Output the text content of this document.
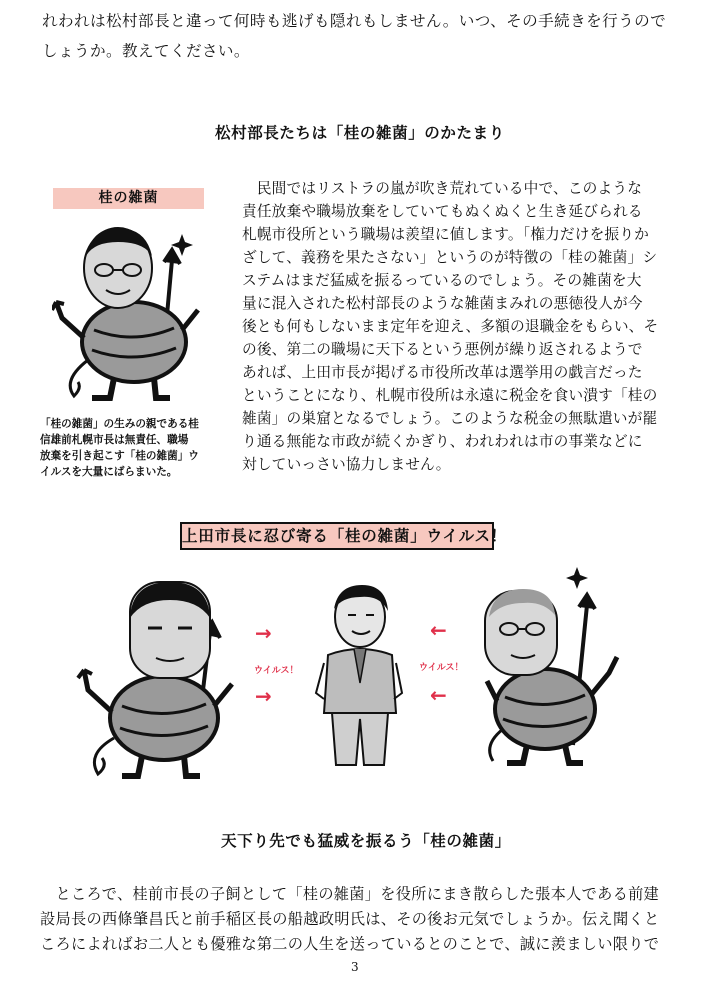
れわれは松村部長と違って何時も逃げも隠れもしません。いつ、その手続きを行うので
しょうか。教えてください。
松村部長たちは「桂の雑菌」のかたまり
桂の雑菌
「桂の雑菌」の生みの親である桂
信雄前札幌市長は無責任、職場
放棄を引き起こす「桂の雑菌」ウ
イルスを大量にばらまいた。
　民間ではリストラの嵐が吹き荒れている中で、このような
責任放棄や職場放棄をしていてもぬくぬくと生き延びられる
札幌市役所という職場は羨望に値します。「権力だけを振りか
ざして、義務を果たさない」というのが特徴の「桂の雑菌」シ
ステムはまだ猛威を振るっているのでしょう。その雑菌を大
量に混入された松村部長のような雑菌まみれの悪徳役人が今
後とも何もしないまま定年を迎え、多額の退職金をもらい、そ
の後、第二の職場に天下るという悪例が繰り返されるようで
あれば、上田市長が掲げる市役所改革は選挙用の戯言だった
ということになり、札幌市役所は永遠に税金を食い潰す「桂の
雑菌」の巣窟となるでしょう。このような税金の無駄遣いが罷
り通る無能な市政が続くかぎり、われわれは市の事業などに
対していっさい協力しません。
上田市長に忍び寄る「桂の雑菌」ウイルス！
→
ウイルス！
→
←
ウイルス！
←
天下り先でも猛威を振るう「桂の雑菌」
　ところで、桂前市長の子飼として「桂の雑菌」を役所にまき散らした張本人である前建
設局長の西條肇昌氏と前手稲区長の船越政明氏は、その後お元気でしょうか。伝え聞くと
ころによればお二人とも優雅な第二の人生を送っているとのことで、誠に羨ましい限りで
3
